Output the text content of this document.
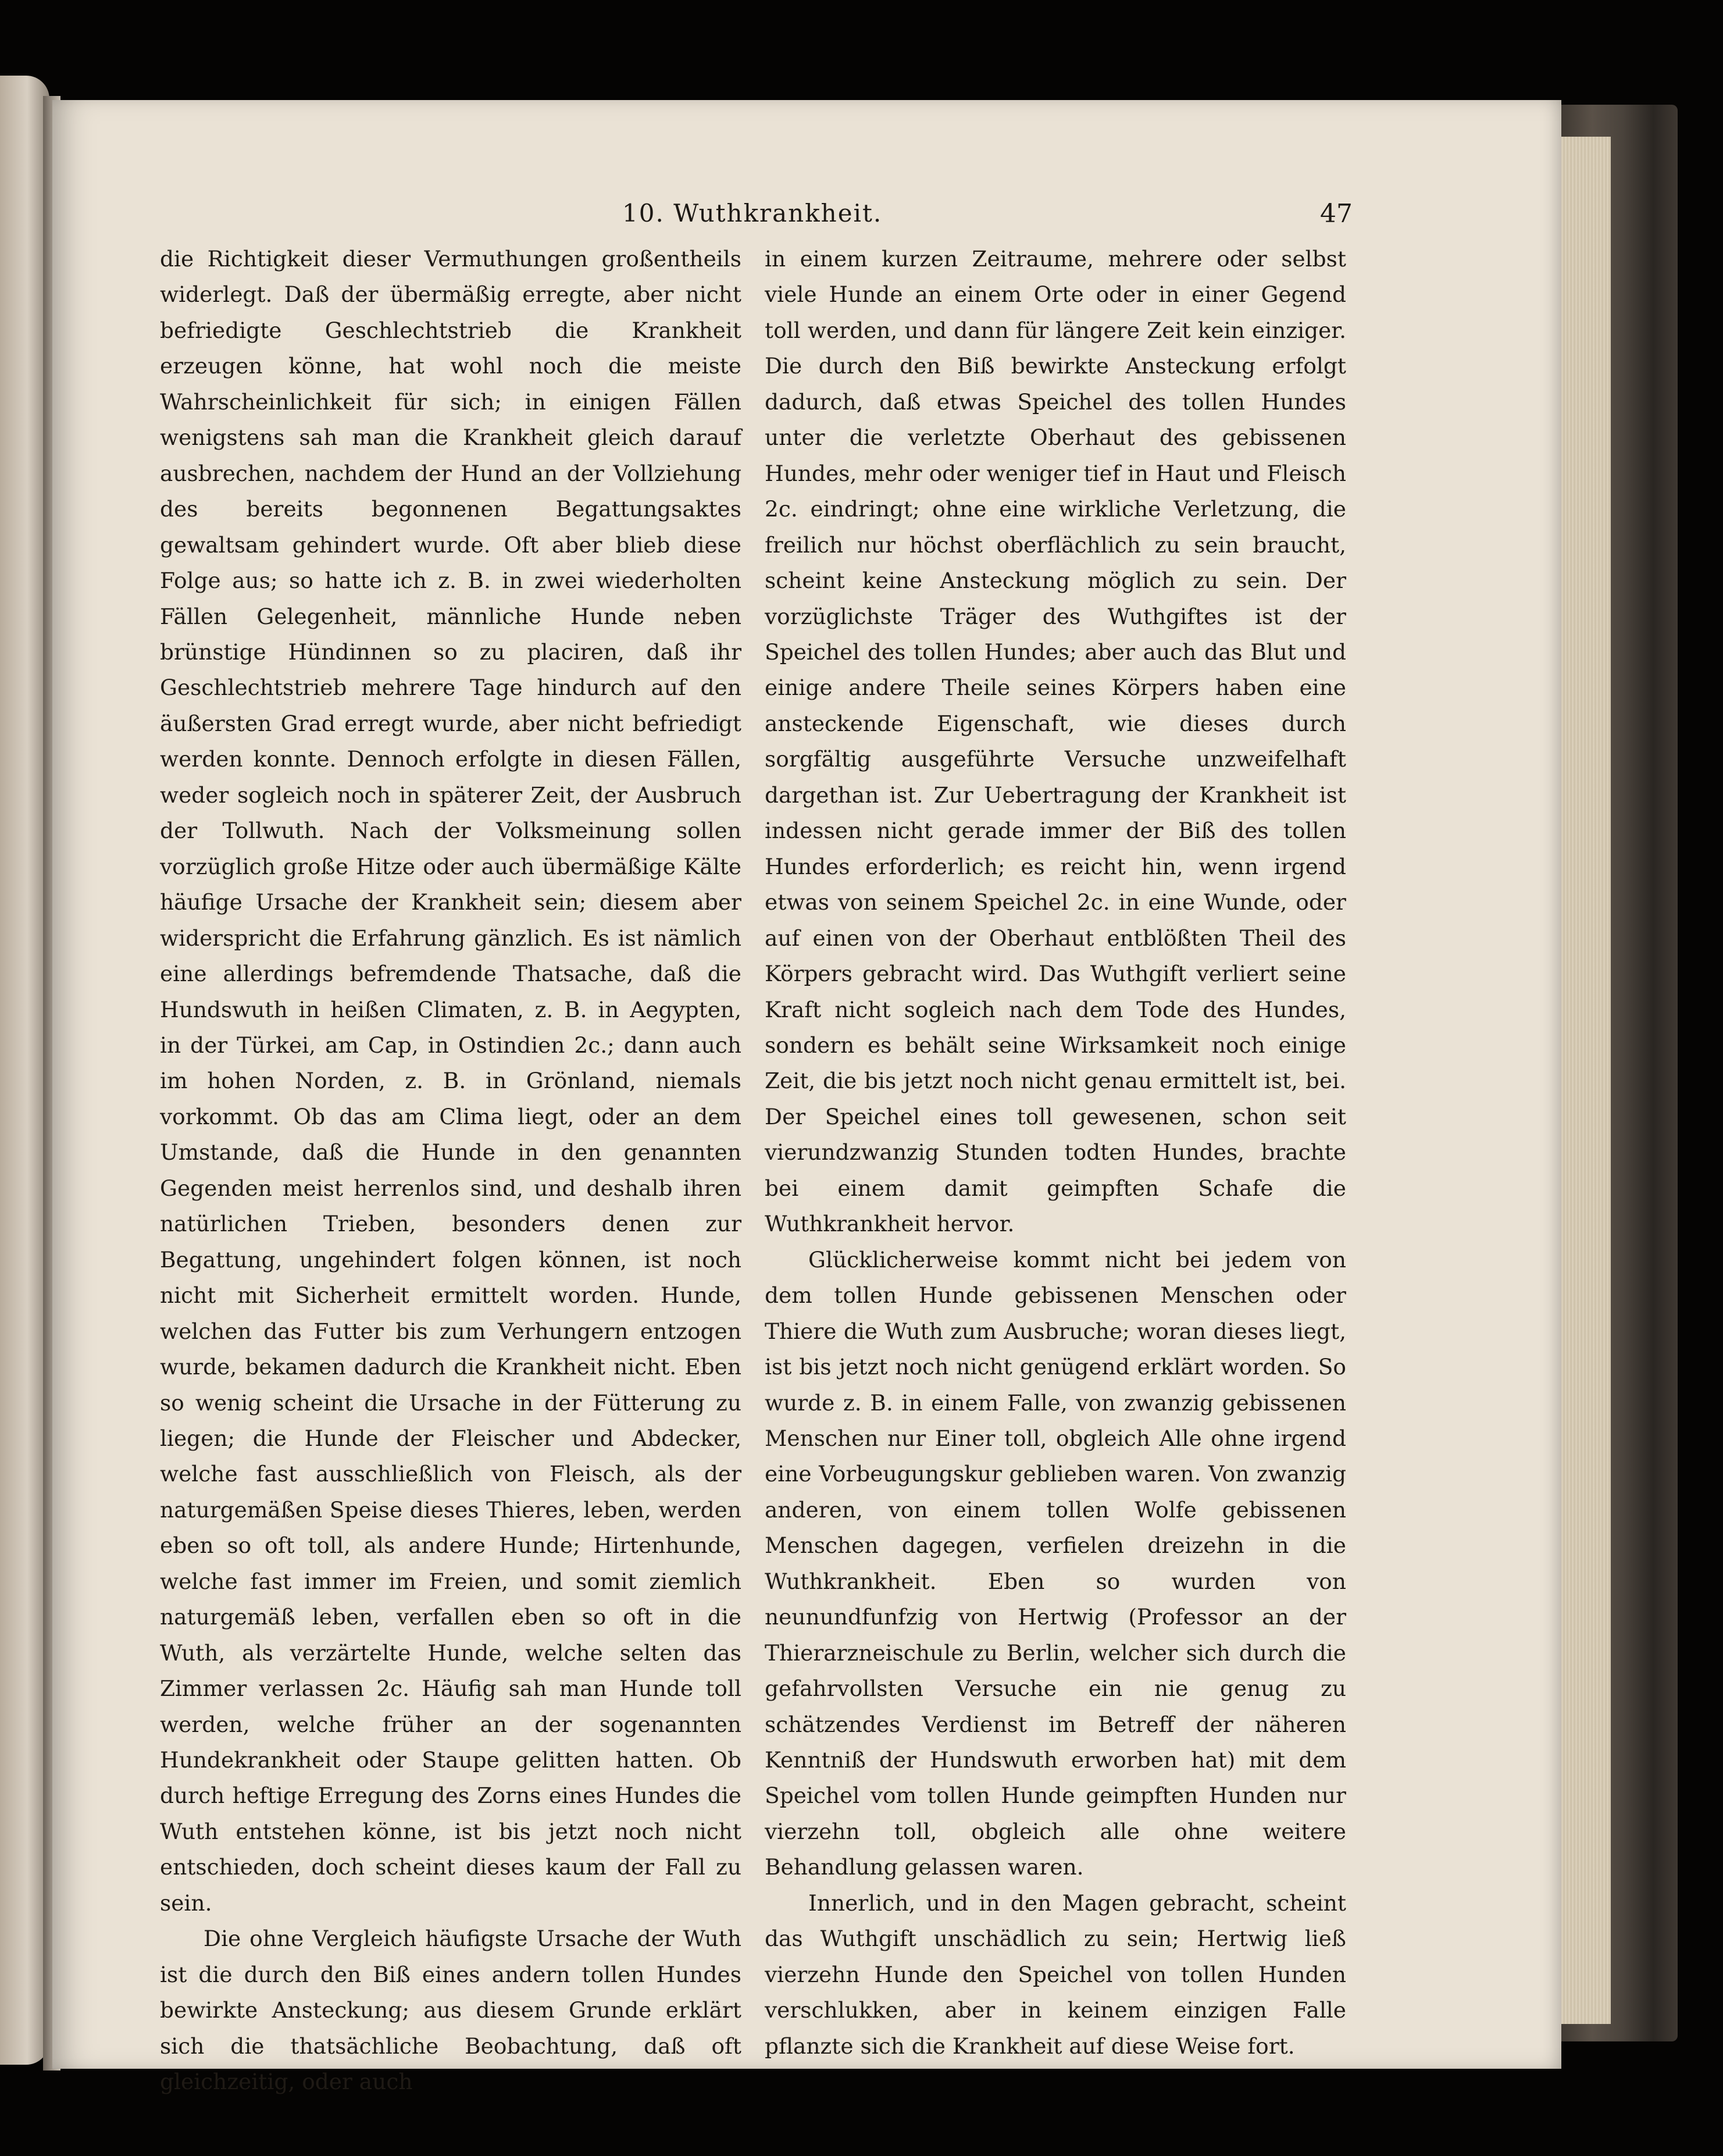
10. Wuthkrankheit.	47

die Richtigkeit dieser Vermuthungen großentheils widerlegt. Daß der übermäßig erregte, aber nicht befriedigte Geschlechtstrieb die Krankheit erzeugen könne, hat wohl noch die meiste Wahrscheinlichkeit für sich; in einigen Fällen wenigstens sah man die Krankheit gleich darauf ausbrechen, nachdem der Hund an der Vollziehung des bereits begonnenen Begattungsaktes gewaltsam gehindert wurde. Oft aber blieb diese Folge aus; so hatte ich z. B. in zwei wiederholten Fällen Gelegenheit, männliche Hunde neben brünstige Hündinnen so zu placiren, daß ihr Geschlechtstrieb mehrere Tage hindurch auf den äußersten Grad erregt wurde, aber nicht befriedigt werden konnte. Dennoch erfolgte in diesen Fällen, weder sogleich noch in späterer Zeit, der Ausbruch der Tollwuth. Nach der Volksmeinung sollen vorzüglich große Hitze oder auch übermäßige Kälte häufige Ursache der Krankheit sein; diesem aber widerspricht die Erfahrung gänzlich. Es ist nämlich eine allerdings befremdende Thatsache, daß die Hundswuth in heißen Climaten, z. B. in Aegypten, in der Türkei, am Cap, in Ostindien 2c.; dann auch im hohen Norden, z. B. in Grönland, niemals vorkommt. Ob das am Clima liegt, oder an dem Umstande, daß die Hunde in den genannten Gegenden meist herrenlos sind, und deshalb ihren natürlichen Trieben, besonders denen zur Begattung, ungehindert folgen können, ist noch nicht mit Sicherheit ermittelt worden. Hunde, welchen das Futter bis zum Verhungern entzogen wurde, bekamen dadurch die Krankheit nicht. Eben so wenig scheint die Ursache in der Fütterung zu liegen; die Hunde der Fleischer und Abdecker, welche fast ausschließlich von Fleisch, als der naturgemäßen Speise dieses Thieres, leben, werden eben so oft toll, als andere Hunde; Hirtenhunde, welche fast immer im Freien, und somit ziemlich naturgemäß leben, verfallen eben so oft in die Wuth, als verzärtelte Hunde, welche selten das Zimmer verlassen 2c. Häufig sah man Hunde toll werden, welche früher an der sogenannten Hundekrankheit oder Staupe gelitten hatten. Ob durch heftige Erregung des Zorns eines Hundes die Wuth entstehen könne, ist bis jetzt noch nicht entschieden, doch scheint dieses kaum der Fall zu sein.

Die ohne Vergleich häufigste Ursache der Wuth ist die durch den Biß eines andern tollen Hundes bewirkte Ansteckung; aus diesem Grunde erklärt sich die thatsächliche Beobachtung, daß oft gleichzeitig, oder auch

in einem kurzen Zeitraume, mehrere oder selbst viele Hunde an einem Orte oder in einer Gegend toll werden, und dann für längere Zeit kein einziger. Die durch den Biß bewirkte Ansteckung erfolgt dadurch, daß etwas Speichel des tollen Hundes unter die verletzte Oberhaut des gebissenen Hundes, mehr oder weniger tief in Haut und Fleisch 2c. eindringt; ohne eine wirkliche Verletzung, die freilich nur höchst oberflächlich zu sein braucht, scheint keine Ansteckung möglich zu sein. Der vorzüglichste Träger des Wuthgiftes ist der Speichel des tollen Hundes; aber auch das Blut und einige andere Theile seines Körpers haben eine ansteckende Eigenschaft, wie dieses durch sorgfältig ausgeführte Versuche unzweifelhaft dargethan ist. Zur Uebertragung der Krankheit ist indessen nicht gerade immer der Biß des tollen Hundes erforderlich; es reicht hin, wenn irgend etwas von seinem Speichel 2c. in eine Wunde, oder auf einen von der Oberhaut entblößten Theil des Körpers gebracht wird. Das Wuthgift verliert seine Kraft nicht sogleich nach dem Tode des Hundes, sondern es behält seine Wirksamkeit noch einige Zeit, die bis jetzt noch nicht genau ermittelt ist, bei. Der Speichel eines toll gewesenen, schon seit vierundzwanzig Stunden todten Hundes, brachte bei einem damit geimpften Schafe die Wuthkrankheit hervor.

Glücklicherweise kommt nicht bei jedem von dem tollen Hunde gebissenen Menschen oder Thiere die Wuth zum Ausbruche; woran dieses liegt, ist bis jetzt noch nicht genügend erklärt worden. So wurde z. B. in einem Falle, von zwanzig gebissenen Menschen nur Einer toll, obgleich Alle ohne irgend eine Vorbeugungskur geblieben waren. Von zwanzig anderen, von einem tollen Wolfe gebissenen Menschen dagegen, verfielen dreizehn in die Wuthkrankheit. Eben so wurden von neunundfunfzig von Hertwig (Professor an der Thierarzneischule zu Berlin, welcher sich durch die gefahrvollsten Versuche ein nie genug zu schätzendes Verdienst im Betreff der näheren Kenntniß der Hundswuth erworben hat) mit dem Speichel vom tollen Hunde geimpften Hunden nur vierzehn toll, obgleich alle ohne weitere Behandlung gelassen waren.

Innerlich, und in den Magen gebracht, scheint das Wuthgift unschädlich zu sein; Hertwig ließ vierzehn Hunde den Speichel von tollen Hunden verschlukken, aber in keinem einzigen Falle pflanzte sich die Krankheit auf diese Weise fort.
